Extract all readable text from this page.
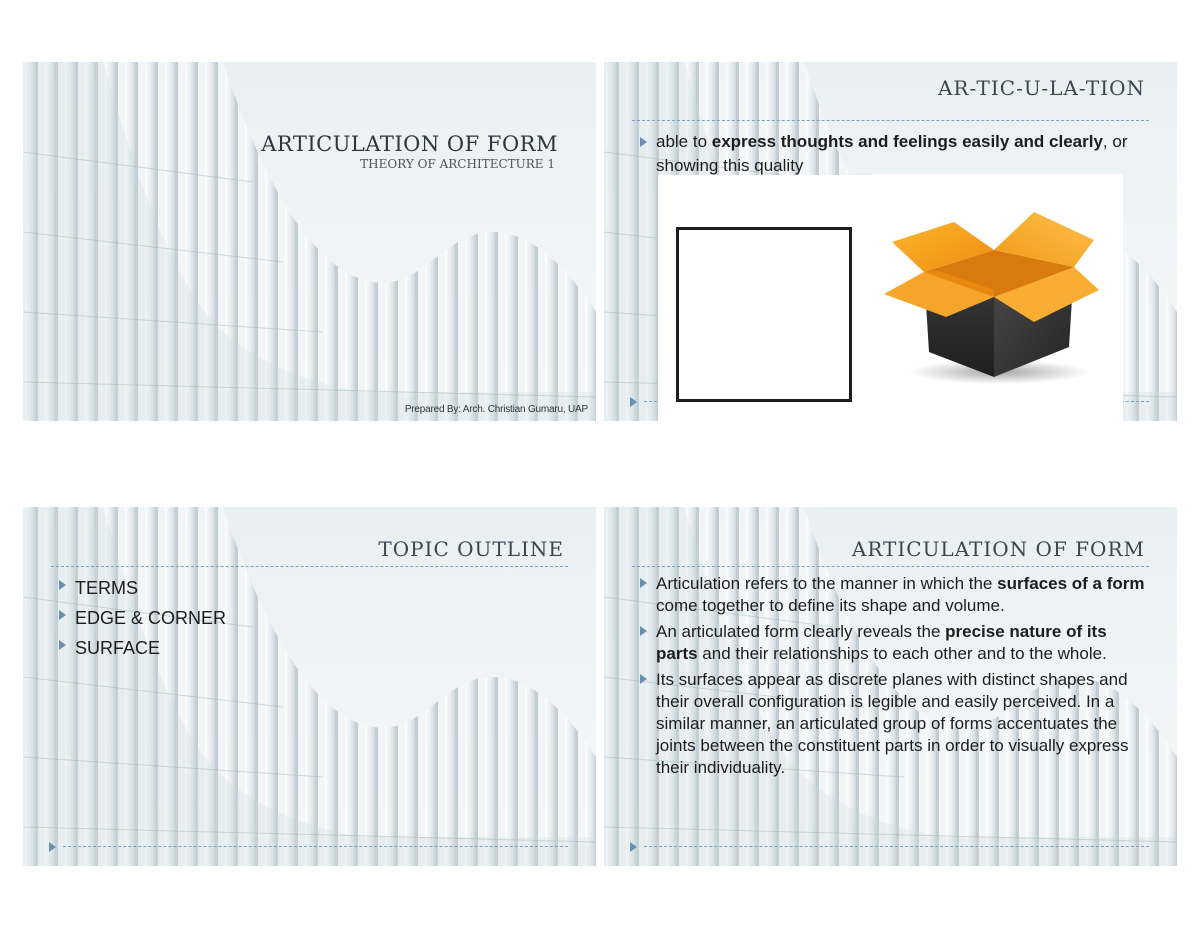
ARTICULATION OF FORM
THEORY OF ARCHITECTURE 1
Prepared By: Arch. Christian Gumaru, UAP
AR-TIC-U-LA-TION
able to express thoughts and feelings easily and clearly, or showing this quality
TOPIC OUTLINE
TERMS
EDGE & CORNER
SURFACE
ARTICULATION OF FORM
Articulation refers to the manner in which the surfaces of a form come together to define its shape and volume.
An articulated form clearly reveals the precise nature of its parts and their relationships to each other and to the whole.
Its surfaces appear as discrete planes with distinct shapes and their overall configuration is legible and easily perceived. In a similar manner, an articulated group of forms accentuates the joints between the constituent parts in order to visually express their individuality.
